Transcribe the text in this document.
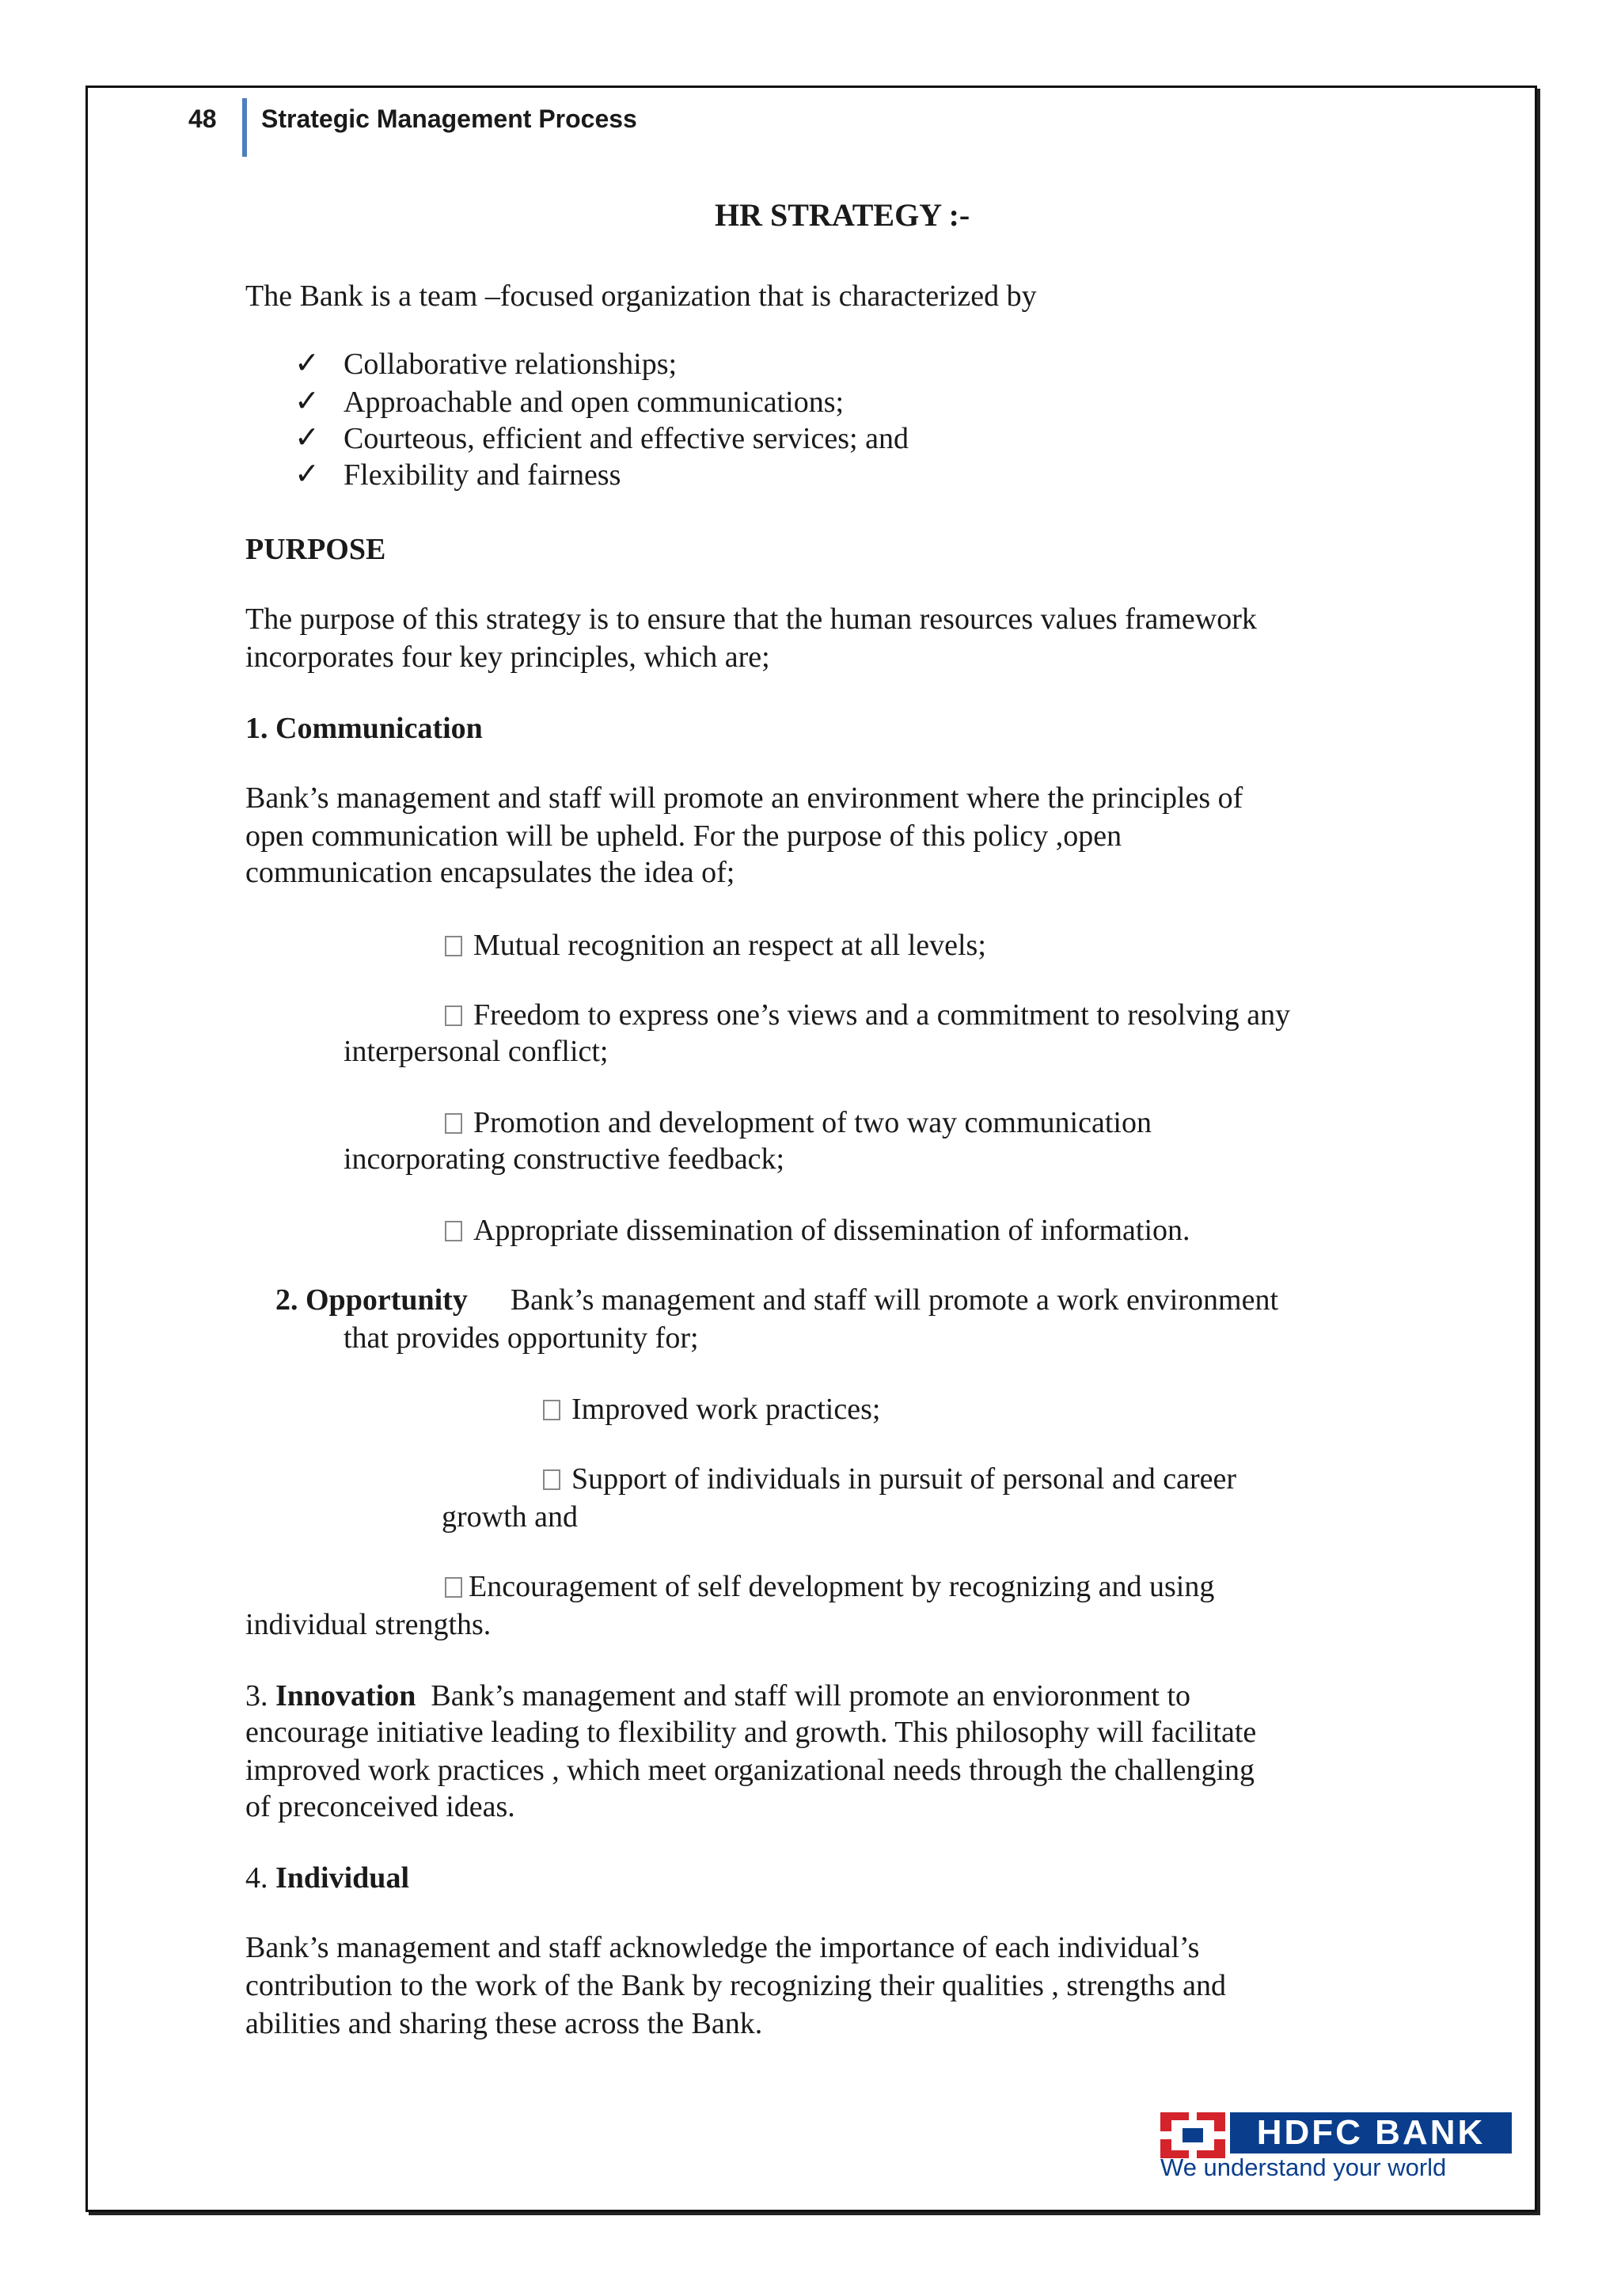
48 Strategic Management Process
HR STRATEGY :-
The Bank is a team –focused organization that is characterized by
✓ Collaborative relationships;
✓ Approachable and open communications;
✓ Courteous, efficient and effective services; and
✓ Flexibility and fairness
PURPOSE
The purpose of this strategy is to ensure that the human resources values framework
incorporates four key principles, which are;
1. Communication
Bank’s management and staff will promote an environment where the principles of
open communication will be upheld. For the purpose of this policy ,open
communication encapsulates the idea of;
Mutual recognition an respect at all levels;
Freedom to express one’s views and a commitment to resolving any
interpersonal conflict;
Promotion and development of two way communication
incorporating constructive feedback;
Appropriate dissemination of dissemination of information.
2. Opportunity Bank’s management and staff will promote a work environment
that provides opportunity for;
Improved work practices;
Support of individuals in pursuit of personal and career
growth and
Encouragement of self development by recognizing and using
individual strengths.
3. Innovation Bank’s management and staff will promote an envioronment to
encourage initiative leading to flexibility and growth. This philosophy will facilitate
improved work practices , which meet organizational needs through the challenging
of preconceived ideas.
4. Individual
Bank’s management and staff acknowledge the importance of each individual’s
contribution to the work of the Bank by recognizing their qualities , strengths and
abilities and sharing these across the Bank.
HDFC BANK
We understand your world
